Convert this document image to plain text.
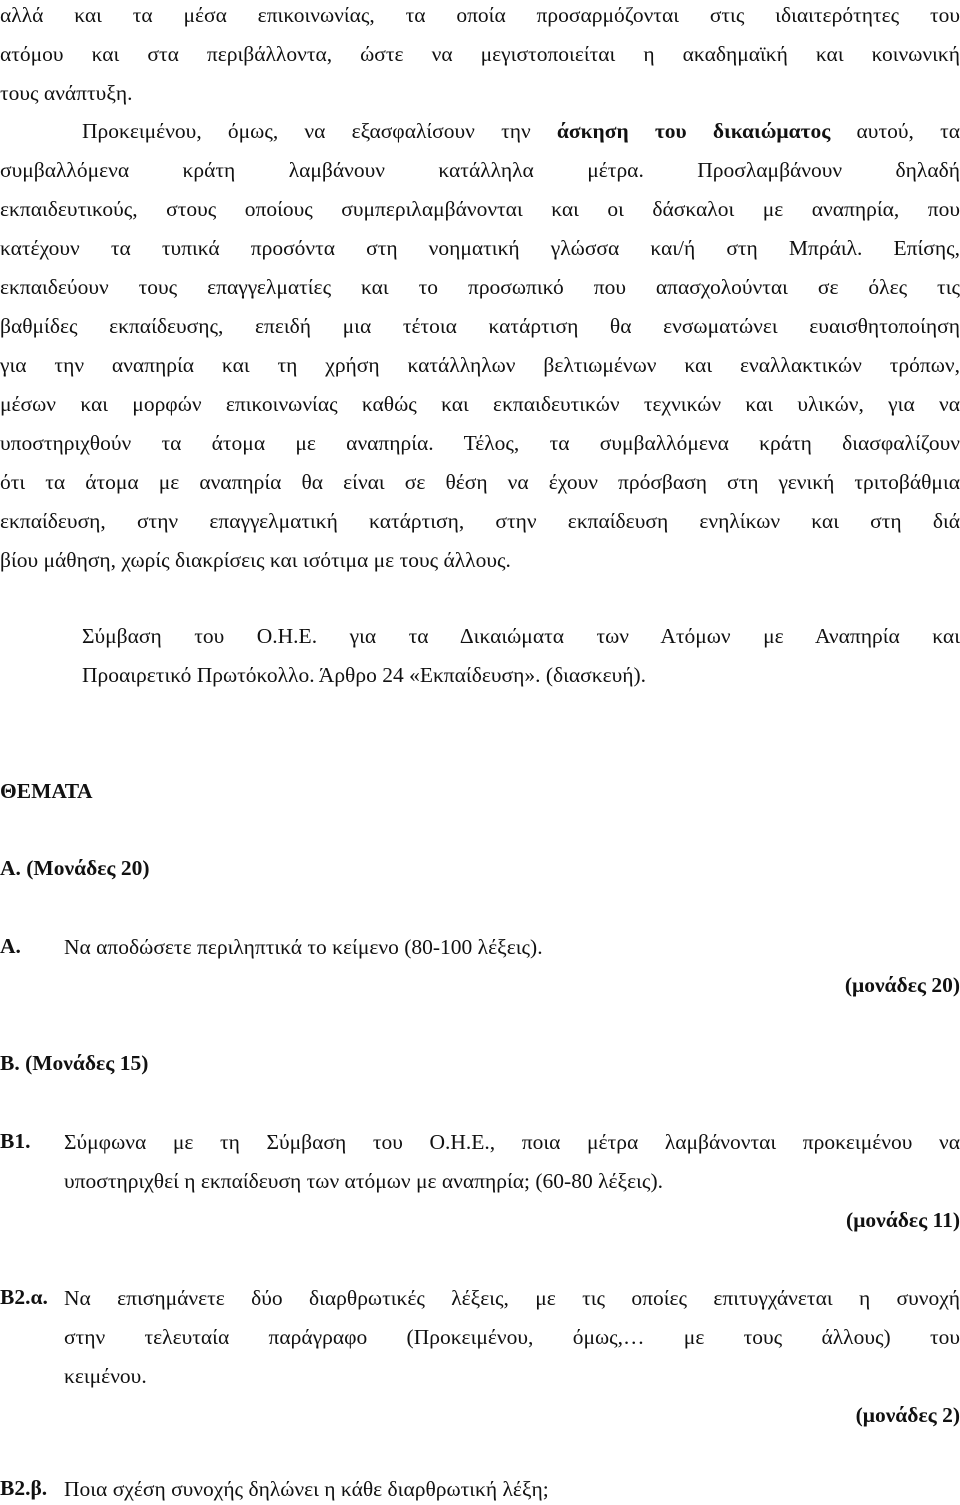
αλλά και τα μέσα επικοινωνίας, τα οποία προσαρμόζονται στις ιδιαιτερότητες του
ατόμου και στα περιβάλλοντα, ώστε να μεγιστοποιείται η ακαδημαϊκή και κοινωνική
τους ανάπτυξη.
Προκειμένου, όμως, να εξασφαλίσουν την άσκηση του δικαιώματος αυτού, τα
συμβαλλόμενα κράτη λαμβάνουν κατάλληλα μέτρα. Προσλαμβάνουν δηλαδή
εκπαιδευτικούς, στους οποίους συμπεριλαμβάνονται και οι δάσκαλοι με αναπηρία, που
κατέχουν τα τυπικά προσόντα στη νοηματική γλώσσα και/ή στη Μπράιλ. Επίσης,
εκπαιδεύουν τους επαγγελματίες και το προσωπικό που απασχολούνται σε όλες τις
βαθμίδες εκπαίδευσης, επειδή μια τέτοια κατάρτιση θα ενσωματώνει ευαισθητοποίηση
για την αναπηρία και τη χρήση κατάλληλων βελτιωμένων και εναλλακτικών τρόπων,
μέσων και μορφών επικοινωνίας καθώς και εκπαιδευτικών τεχνικών και υλικών, για να
υποστηριχθούν τα άτομα με αναπηρία. Τέλος, τα συμβαλλόμενα κράτη διασφαλίζουν
ότι τα άτομα με αναπηρία θα είναι σε θέση να έχουν πρόσβαση στη γενική τριτοβάθμια
εκπαίδευση, στην επαγγελματική κατάρτιση, στην εκπαίδευση ενηλίκων και στη διά
βίου μάθηση, χωρίς διακρίσεις και ισότιμα με τους άλλους.
Σύμβαση του Ο.Η.Ε. για τα Δικαιώματα των Ατόμων με Αναπηρία και
Προαιρετικό Πρωτόκολλο. Άρθρο 24 «Εκπαίδευση». (διασκευή).
ΘΕΜΑΤΑ
Α. (Μονάδες 20)
Α. Να αποδώσετε περιληπτικά το κείμενο (80-100 λέξεις).
(μονάδες 20)
Β. (Μονάδες 15)
Β1. Σύμφωνα με τη Σύμβαση του Ο.Η.Ε., ποια μέτρα λαμβάνονται προκειμένου να
υποστηριχθεί η εκπαίδευση των ατόμων με αναπηρία; (60-80 λέξεις).
(μονάδες 11)
Β2.α. Να επισημάνετε δύο διαρθρωτικές λέξεις, με τις οποίες επιτυγχάνεται η συνοχή
στην τελευταία παράγραφο (Προκειμένου, όμως,… με τους άλλους) του
κειμένου.
(μονάδες 2)
Β2.β. Ποια σχέση συνοχής δηλώνει η κάθε διαρθρωτική λέξη;
